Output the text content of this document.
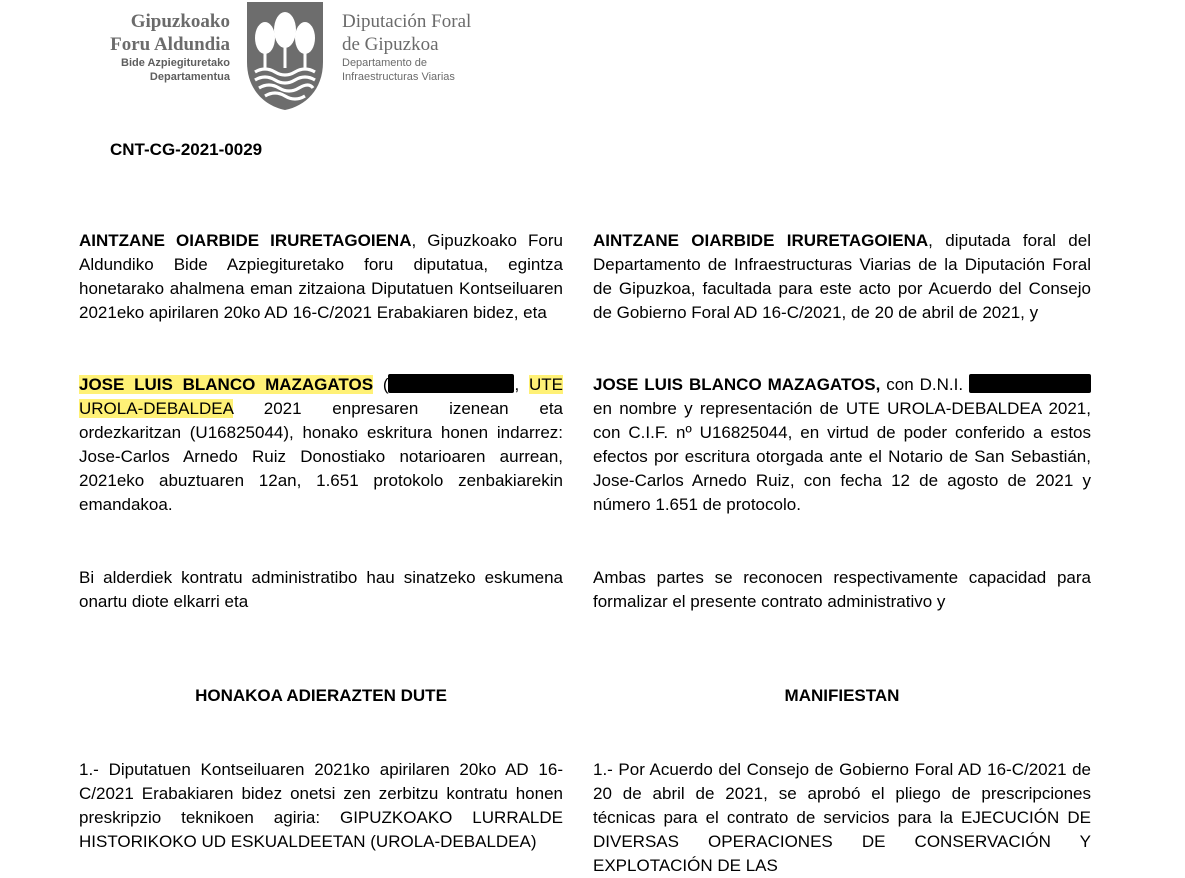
Gipuzkoako
Foru Aldundia
Bide Azpiegituretako
Departamentua
Diputación Foral
de Gipuzkoa
Departamento de
Infraestructuras Viarias
CNT-CG-2021-0029

AINTZANE OIARBIDE IRURETAGOIENA, Gipuzkoako Foru Aldundiko Bide Azpiegituretako foru diputatua, egintza honetarako ahalmena eman zitzaiona Diputatuen Kontseiluaren 2021eko apirilaren 20ko AD 16-C/2021 Erabakiaren bidez, eta

JOSE LUIS BLANCO MAZAGATOS (	, UTE UROLA-DEBALDEA 2021 enpresaren izenean eta ordezkaritzan (U16825044), honako eskritura honen indarrez: Jose-Carlos Arnedo Ruiz Donostiako notarioaren aurrean, 2021eko abuztuaren 12an, 1.651 protokolo zenbakiarekin emandakoa.

Bi alderdiek kontratu administratibo hau sinatzeko eskumena onartu diote elkarri eta

HONAKOA ADIERAZTEN DUTE

1.- Diputatuen Kontseiluaren 2021ko apirilaren 20ko AD 16-C/2021 Erabakiaren bidez onetsi zen zerbitzu kontratu honen preskripzio teknikoen agiria: GIPUZKOAKO LURRALDE HISTORIKOKO UD ESKUALDEETAN (UROLA-DEBALDEA)

AINTZANE OIARBIDE IRURETAGOIENA, diputada foral del Departamento de Infraestructuras Viarias de la Diputación Foral de Gipuzkoa, facultada para este acto por Acuerdo del Consejo de Gobierno Foral AD 16-C/2021, de 20 de abril de 2021, y

JOSE LUIS BLANCO MAZAGATOS, con D.N.I.  en nombre y representación de UTE UROLA-DEBALDEA 2021, con C.I.F. nº U16825044, en virtud de poder conferido a estos efectos por escritura otorgada ante el Notario de San Sebastián, Jose-Carlos Arnedo Ruiz, con fecha 12 de agosto de 2021 y número 1.651 de protocolo.

Ambas partes se reconocen respectivamente capacidad para formalizar el presente contrato administrativo y

MANIFIESTAN

1.- Por Acuerdo del Consejo de Gobierno Foral AD 16-C/2021 de 20 de abril de 2021, se aprobó el pliego de prescripciones técnicas para el contrato de servicios para la EJECUCIÓN DE DIVERSAS OPERACIONES DE CONSERVACIÓN Y EXPLOTACIÓN DE LAS
